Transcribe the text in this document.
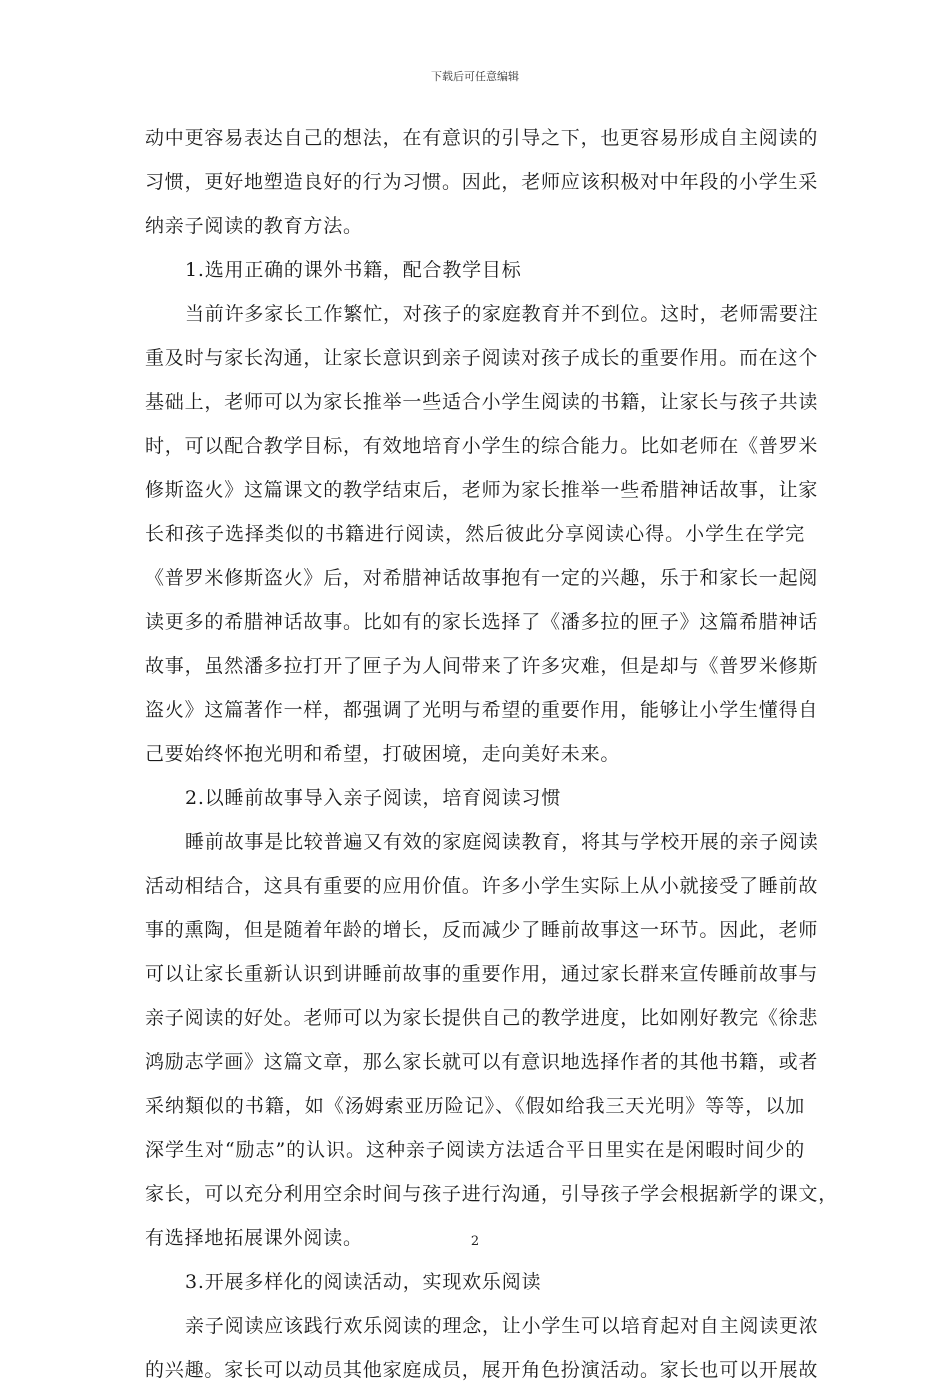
下载后可任意编辑
动中更容易表达自己的想法，在有意识的引导之下，也更容易形成自主阅读的
习惯，更好地塑造良好的行为习惯。因此，老师应该积极对中年段的小学生采
纳亲子阅读的教育方法。
1.选用正确的课外书籍，配合教学目标
当前许多家长工作繁忙，对孩子的家庭教育并不到位。这时，老师需要注
重及时与家长沟通，让家长意识到亲子阅读对孩子成长的重要作用。而在这个
基础上，老师可以为家长推举一些适合小学生阅读的书籍，让家长与孩子共读
时，可以配合教学目标，有效地培育小学生的综合能力。比如老师在《普罗米
修斯盗火》这篇课文的教学结束后，老师为家长推举一些希腊神话故事，让家
长和孩子选择类似的书籍进行阅读，然后彼此分享阅读心得。小学生在学完
《普罗米修斯盗火》后，对希腊神话故事抱有一定的兴趣，乐于和家长一起阅
读更多的希腊神话故事。比如有的家长选择了《潘多拉的匣子》这篇希腊神话
故事，虽然潘多拉打开了匣子为人间带来了许多灾难，但是却与《普罗米修斯
盗火》这篇著作一样，都强调了光明与希望的重要作用，能够让小学生懂得自
己要始终怀抱光明和希望，打破困境，走向美好未来。
2.以睡前故事导入亲子阅读，培育阅读习惯
睡前故事是比较普遍又有效的家庭阅读教育，将其与学校开展的亲子阅读
活动相结合，这具有重要的应用价值。许多小学生实际上从小就接受了睡前故
事的熏陶，但是随着年龄的增长，反而减少了睡前故事这一环节。因此，老师
可以让家长重新认识到讲睡前故事的重要作用，通过家长群来宣传睡前故事与
亲子阅读的好处。老师可以为家长提供自己的教学进度，比如刚好教完《徐悲
鸿励志学画》这篇文章，那么家长就可以有意识地选择作者的其他书籍，或者
采纳類似的书籍，如《汤姆索亚历险记》、《假如给我三天光明》等等，以加
深学生对“励志”的认识。这种亲子阅读方法适合平日里实在是闲暇时间少的
家长，可以充分利用空余时间与孩子进行沟通，引导孩子学会根据新学的课文，
有选择地拓展课外阅读。
3.开展多样化的阅读活动，实现欢乐阅读
亲子阅读应该践行欢乐阅读的理念，让小学生可以培育起对自主阅读更浓
的兴趣。家长可以动员其他家庭成员，展开角色扮演活动。家长也可以开展故
2
